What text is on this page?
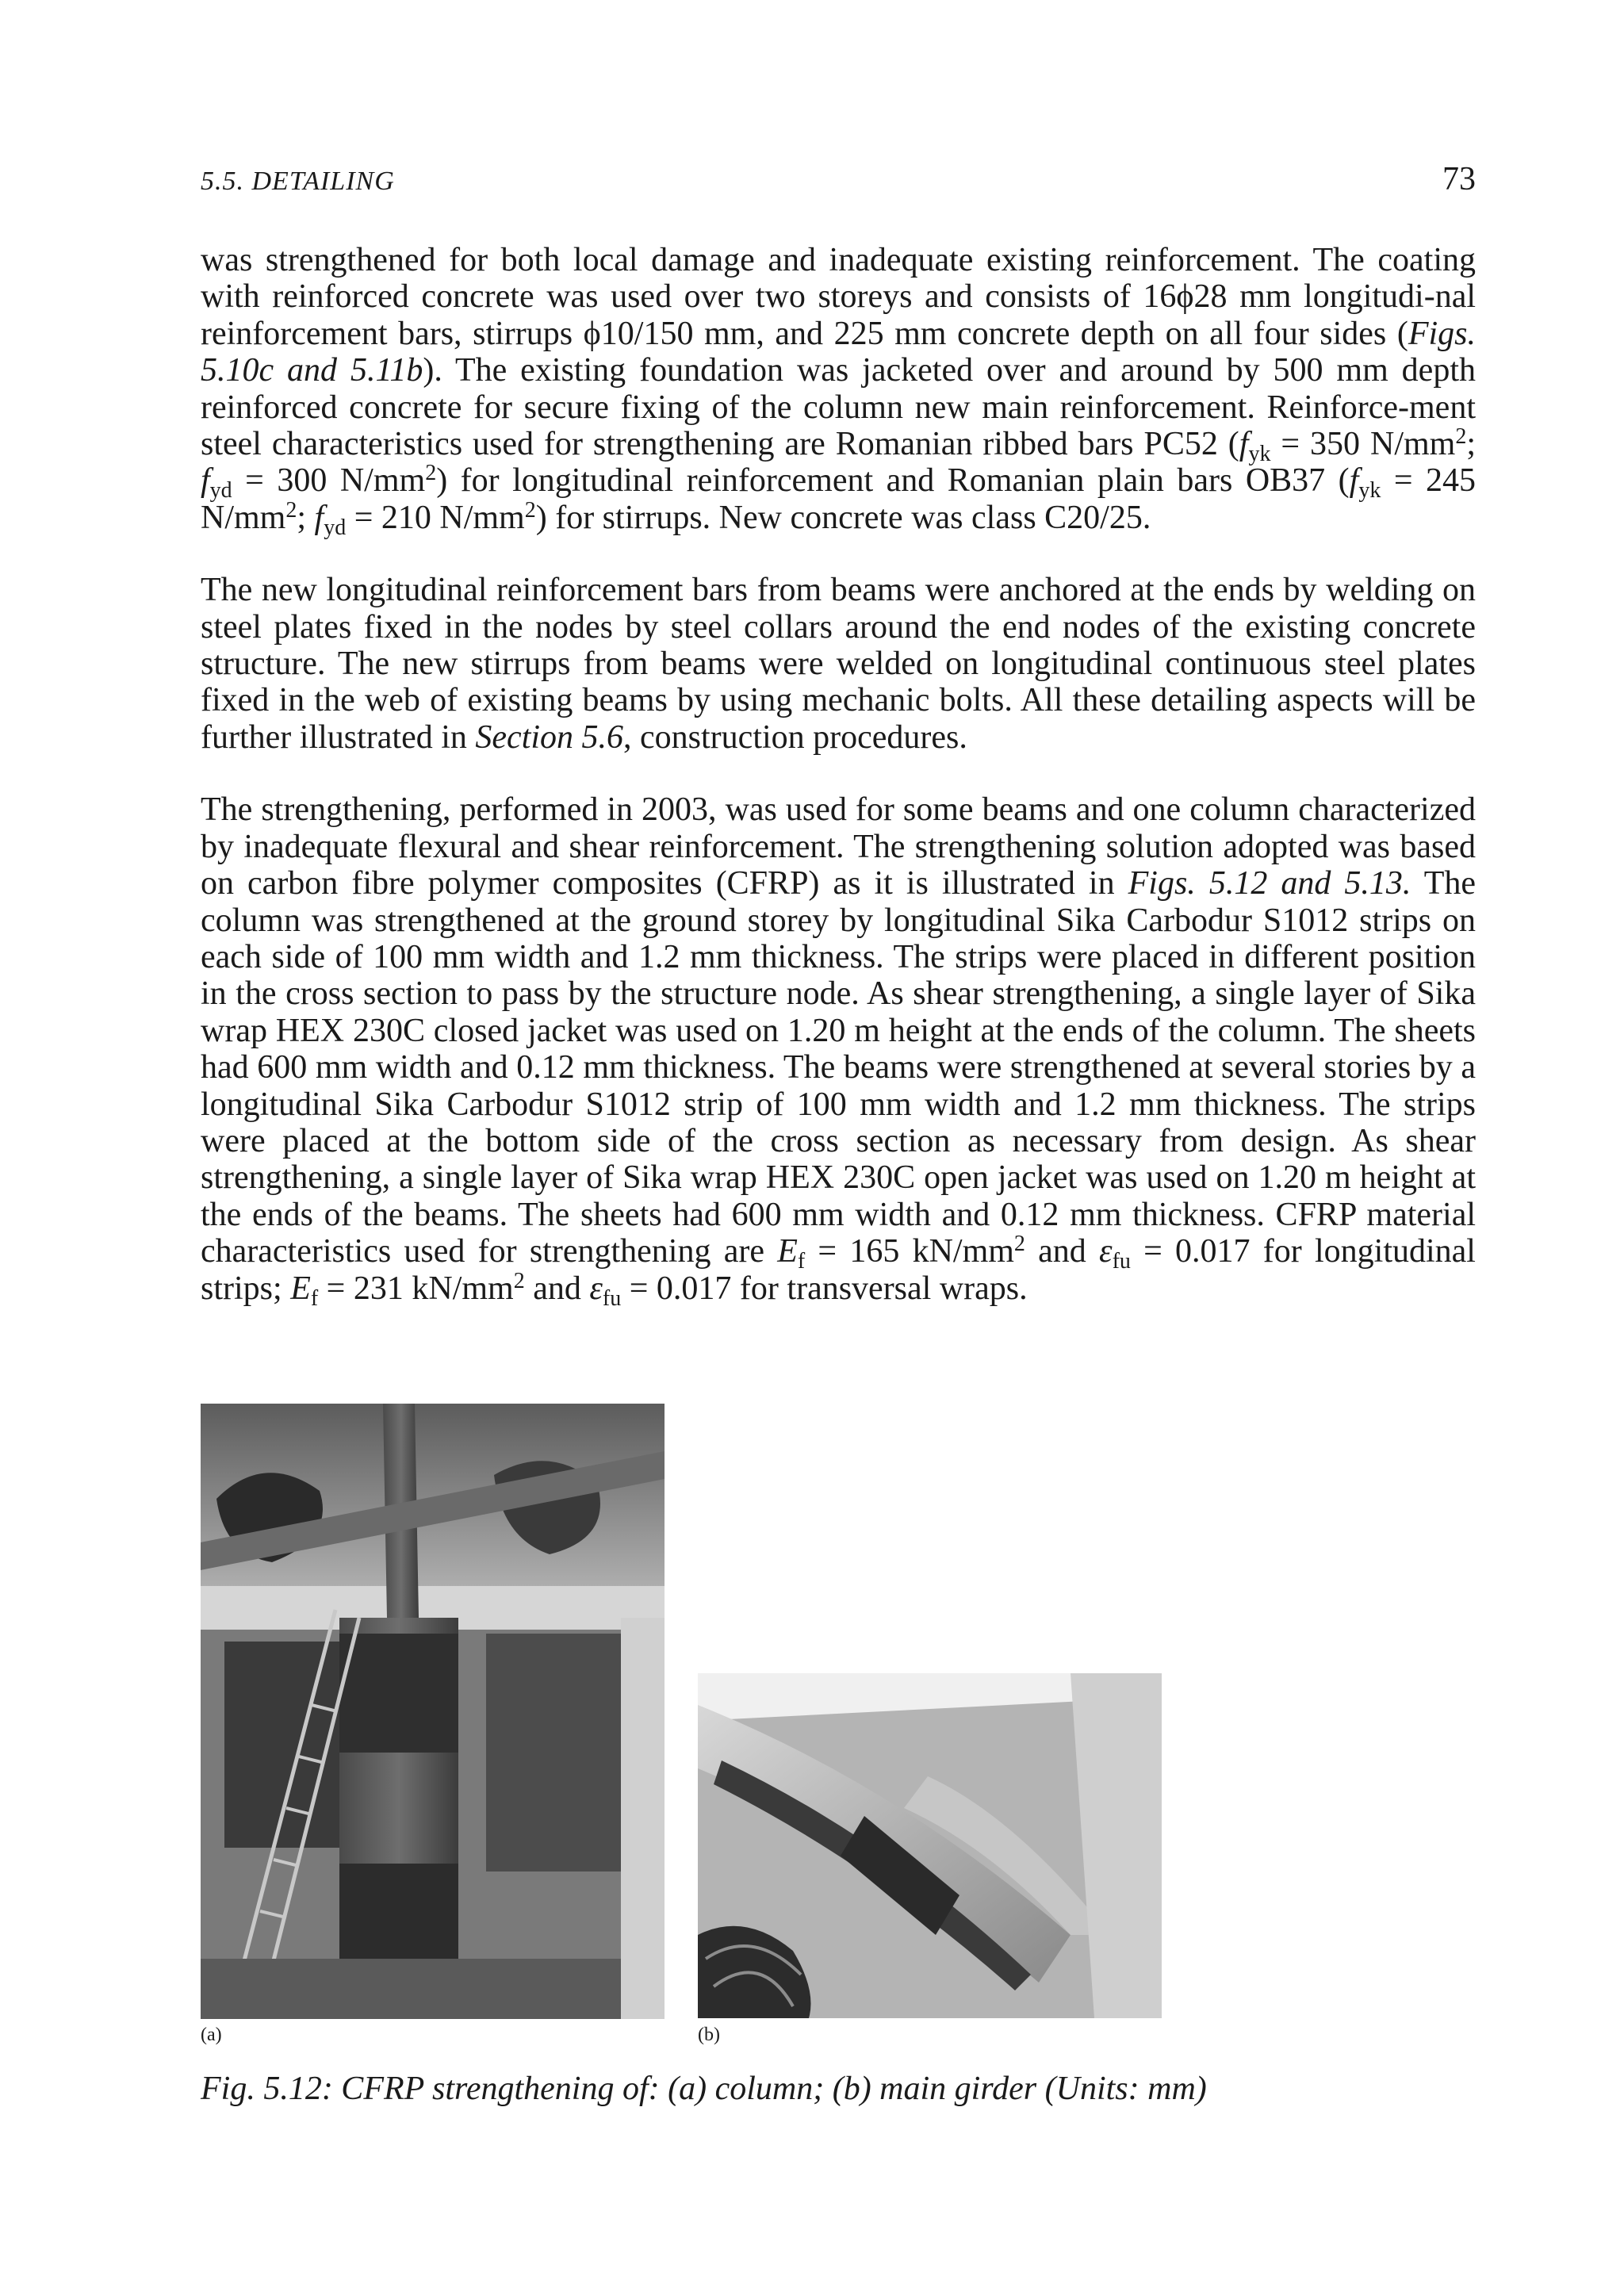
5.5. DETAILING	73

was strengthened for both local damage and inadequate existing reinforcement. The coating with reinforced concrete was used over two storeys and consists of 16ϕ28 mm longitudi-nal reinforcement bars, stirrups ϕ10/150 mm, and 225 mm concrete depth on all four sides (Figs. 5.10c and 5.11b). The existing foundation was jacketed over and around by 500 mm depth reinforced concrete for secure fixing of the column new main reinforcement. Reinforce-ment steel characteristics used for strengthening are Romanian ribbed bars PC52 ($f_{yk} = 350$ $N/mm^2$; $f_{yd} = 300$ $N/mm^2$) for longitudinal reinforcement and Romanian plain bars OB37 ($f_{yk} = 245$ $N/mm^2$; $f_{yd} = 210$ $N/mm^2$) for stirrups. New concrete was class C20/25.

The new longitudinal reinforcement bars from beams were anchored at the ends by welding on steel plates fixed in the nodes by steel collars around the end nodes of the existing concrete structure. The new stirrups from beams were welded on longitudinal continuous steel plates fixed in the web of existing beams by using mechanic bolts. All these detailing aspects will be further illustrated in Section 5.6, construction procedures.

The strengthening, performed in 2003, was used for some beams and one column characterized by inadequate flexural and shear reinforcement. The strengthening solution adopted was based on carbon fibre polymer composites (CFRP) as it is illustrated in Figs. 5.12 and 5.13. The column was strengthened at the ground storey by longitudinal Sika Carbodur S1012 strips on each side of 100 mm width and 1.2 mm thickness. The strips were placed in different position in the cross section to pass by the structure node. As shear strengthening, a single layer of Sika wrap HEX 230C closed jacket was used on 1.20 m height at the ends of the column. The sheets had 600 mm width and 0.12 mm thickness. The beams were strengthened at several stories by a longitudinal Sika Carbodur S1012 strip of 100 mm width and 1.2 mm thickness. The strips were placed at the bottom side of the cross section as necessary from design. As shear strengthening, a single layer of Sika wrap HEX 230C open jacket was used on 1.20 m height at the ends of the beams. The sheets had 600 mm width and 0.12 mm thickness. CFRP material characteristics used for strengthening are $E_f = 165$ $kN/mm^2$ and $\varepsilon_{fu} = 0.017$ for longitudinal strips; $E_f = 231$ $kN/mm^2$ and $\varepsilon_{fu} = 0.017$ for transversal wraps.

(a)	(b)
Fig. 5.12: CFRP strengthening of: (a) column; (b) main girder (Units: mm)
